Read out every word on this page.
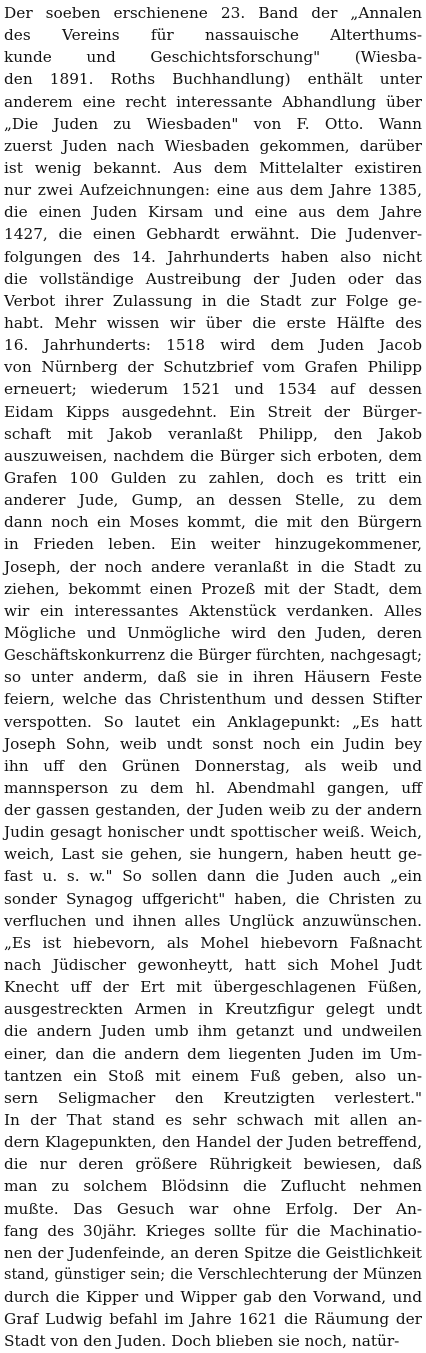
Der soeben erschienene 23. Band der „Annalen
des Vereins für nassauische Alterthums-
kunde und Geschichtsforschung" (Wiesba-
den 1891. Roths Buchhandlung) enthält unter
anderem eine recht interessante Abhandlung über
„Die Juden zu Wiesbaden" von F. Otto. Wann
zuerst Juden nach Wiesbaden gekommen, darüber
ist wenig bekannt. Aus dem Mittelalter existiren
nur zwei Aufzeichnungen: eine aus dem Jahre 1385,
die einen Juden Kirsam und eine aus dem Jahre
1427, die einen Gebhardt erwähnt. Die Judenver-
folgungen des 14. Jahrhunderts haben also nicht
die vollständige Austreibung der Juden oder das
Verbot ihrer Zulassung in die Stadt zur Folge ge-
habt. Mehr wissen wir über die erste Hälfte des
16. Jahrhunderts: 1518 wird dem Juden Jacob
von Nürnberg der Schutzbrief vom Grafen Philipp
erneuert; wiederum 1521 und 1534 auf dessen
Eidam Kipps ausgedehnt. Ein Streit der Bürger-
schaft mit Jakob veranlaßt Philipp, den Jakob
auszuweisen, nachdem die Bürger sich erboten, dem
Grafen 100 Gulden zu zahlen, doch es tritt ein
anderer Jude, Gump, an dessen Stelle, zu dem
dann noch ein Moses kommt, die mit den Bürgern
in Frieden leben. Ein weiter hinzugekommener,
Joseph, der noch andere veranlaßt in die Stadt zu
ziehen, bekommt einen Prozeß mit der Stadt, dem
wir ein interessantes Aktenstück verdanken. Alles
Mögliche und Unmögliche wird den Juden, deren
Geschäftskonkurrenz die Bürger fürchten, nachgesagt;
so unter anderm, daß sie in ihren Häusern Feste
feiern, welche das Christenthum und dessen Stifter
verspotten. So lautet ein Anklagepunkt: „Es hatt
Joseph Sohn, weib undt sonst noch ein Judin bey
ihn uff den Grünen Donnerstag, als weib und
mannsperson zu dem hl. Abendmahl gangen, uff
der gassen gestanden, der Juden weib zu der andern
Judin gesagt honischer undt spottischer weiß. Weich,
weich, Last sie gehen, sie hungern, haben heutt ge-
fast u. s. w." So sollen dann die Juden auch „ein
sonder Synagog uffgericht" haben, die Christen zu
verfluchen und ihnen alles Unglück anzuwünschen.
„Es ist hiebevorn, als Mohel hiebevorn Faßnacht
nach Jüdischer gewonheytt, hatt sich Mohel Judt
Knecht uff der Ert mit übergeschlagenen Füßen,
ausgestreckten Armen in Kreutzfigur gelegt undt
die andern Juden umb ihm getanzt und undweilen
einer, dan die andern dem liegenten Juden im Um-
tantzen ein Stoß mit einem Fuß geben, also un-
sern Seligmacher den Kreutzigten verlestert."
In der That stand es sehr schwach mit allen an-
dern Klagepunkten, den Handel der Juden betreffend,
die nur deren größere Rührigkeit bewiesen, daß
man zu solchem Blödsinn die Zuflucht nehmen
mußte. Das Gesuch war ohne Erfolg. Der An-
fang des 30jähr. Krieges sollte für die Machinatio-
nen der Judenfeinde, an deren Spitze die Geistlichkeit
stand, günstiger sein; die Verschlechterung der Münzen
durch die Kipper und Wipper gab den Vorwand, und
Graf Ludwig befahl im Jahre 1621 die Räumung der
Stadt von den Juden. Doch blieben sie noch, natür-
